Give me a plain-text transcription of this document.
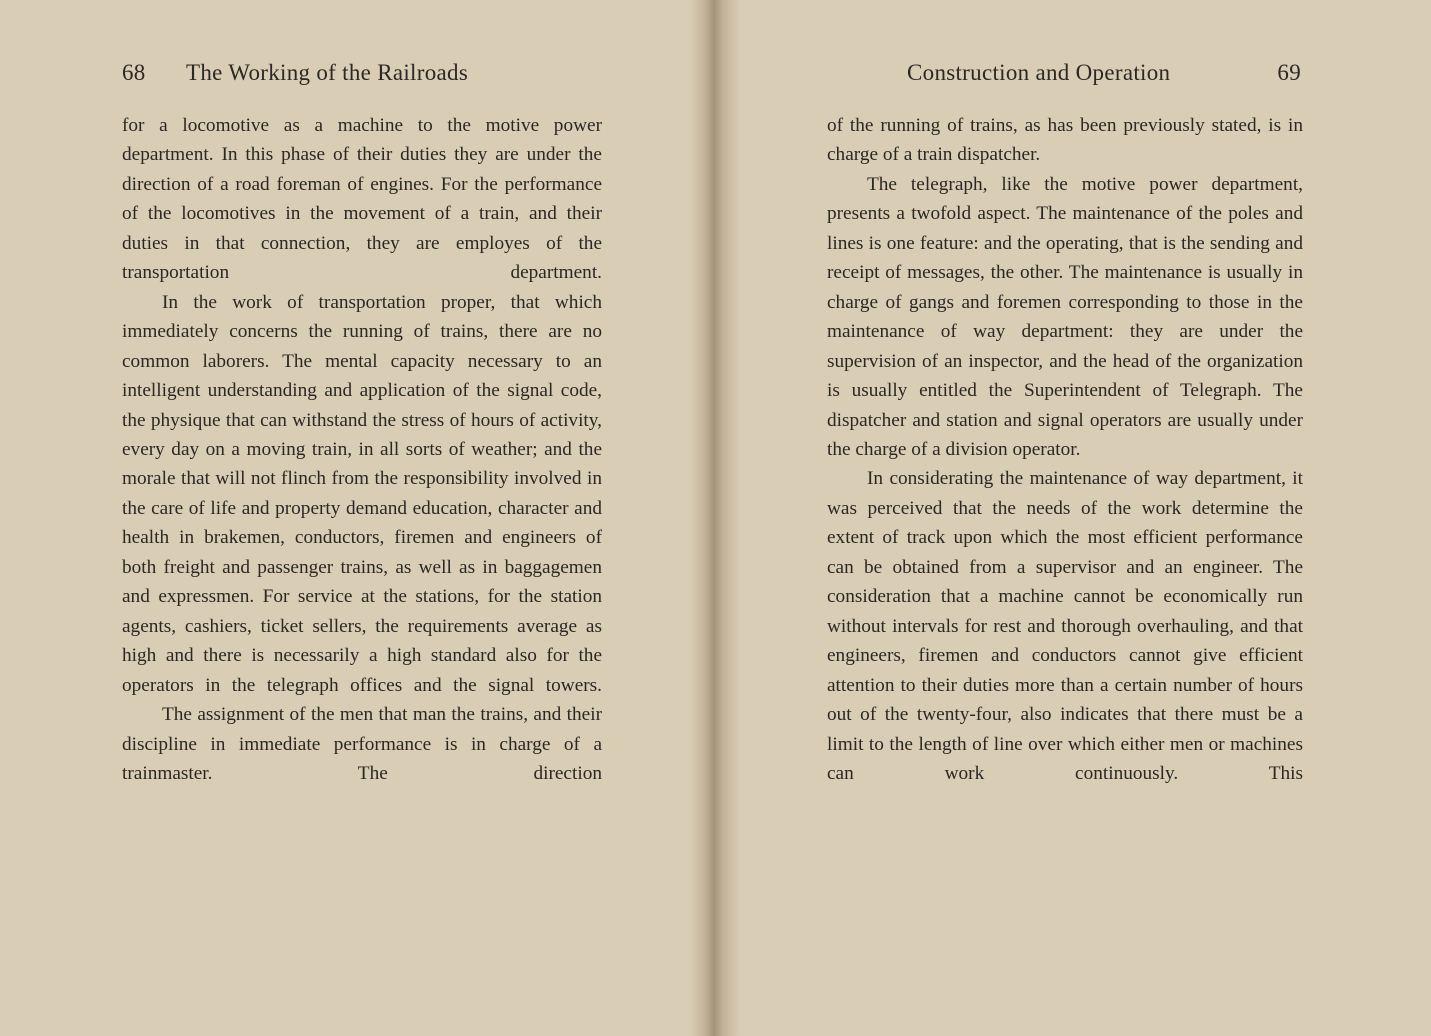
68 The Working of the Railroads

for a locomotive as a machine to the motive power department. In this phase of their duties they are under the direction of a road foreman of engines. For the performance of the locomotives in the movement of a train, and their duties in that connection, they are employes of the transportation department.

In the work of transportation proper, that which immediately concerns the running of trains, there are no common laborers. The mental capacity necessary to an intelligent understanding and application of the signal code, the physique that can withstand the stress of hours of activity, every day on a moving train, in all sorts of weather; and the morale that will not flinch from the responsibility involved in the care of life and property demand education, character and health in brakemen, conductors, firemen and engineers of both freight and passenger trains, as well as in baggagemen and expressmen. For service at the stations, for the station agents, cashiers, ticket sellers, the requirements average as high and there is necessarily a high standard also for the operators in the telegraph offices and the signal towers.

The assignment of the men that man the trains, and their discipline in immediate performance is in charge of a trainmaster. The direction

Construction and Operation	69

of the running of trains, as has been previously stated, is in charge of a train dispatcher.

The telegraph, like the motive power department, presents a twofold aspect. The maintenance of the poles and lines is one feature: and the operating, that is the sending and receipt of messages, the other. The maintenance is usually in charge of gangs and foremen corresponding to those in the maintenance of way department: they are under the supervision of an inspector, and the head of the organization is usually entitled the Superintendent of Telegraph. The dispatcher and station and signal operators are usually under the charge of a division operator.

In considerating the maintenance of way department, it was perceived that the needs of the work determine the extent of track upon which the most efficient performance can be obtained from a supervisor and an engineer. The consideration that a machine cannot be economically run without intervals for rest and thorough overhauling, and that engineers, firemen and conductors cannot give efficient attention to their duties more than a certain number of hours out of the twenty-four, also indicates that there must be a limit to the length of line over which either men or machines can work continuously. This
